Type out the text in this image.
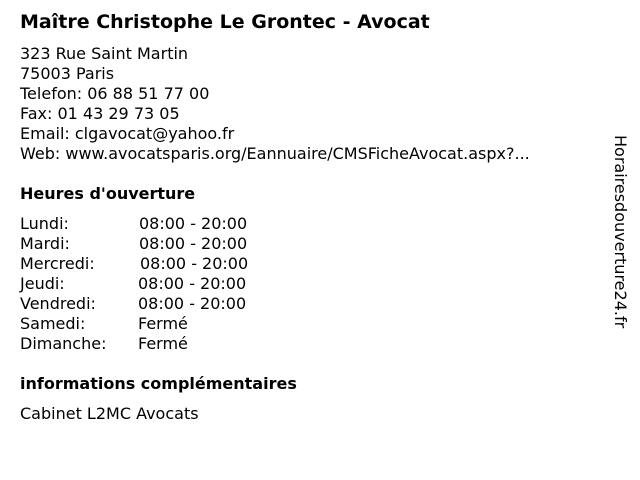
Maître Christophe Le Grontec - Avocat
323 Rue Saint Martin
75003 Paris
Telefon: 06 88 51 77 00
Fax: 01 43 29 73 05
Email: clgavocat@yahoo.fr
Web: www.avocatsparis.org/Eannuaire/CMSFicheAvocat.aspx?...
Heures d'ouverture
Lundi:	08:00 - 20:00
Mardi:	08:00 - 20:00
Mercredi:	08:00 - 20:00
Jeudi:	08:00 - 20:00
Vendredi:	08:00 - 20:00
Samedi:	Fermé
Dimanche: Fermé
informations complémentaires
Cabinet L2MC Avocats
Horairesdouverture24.fr
